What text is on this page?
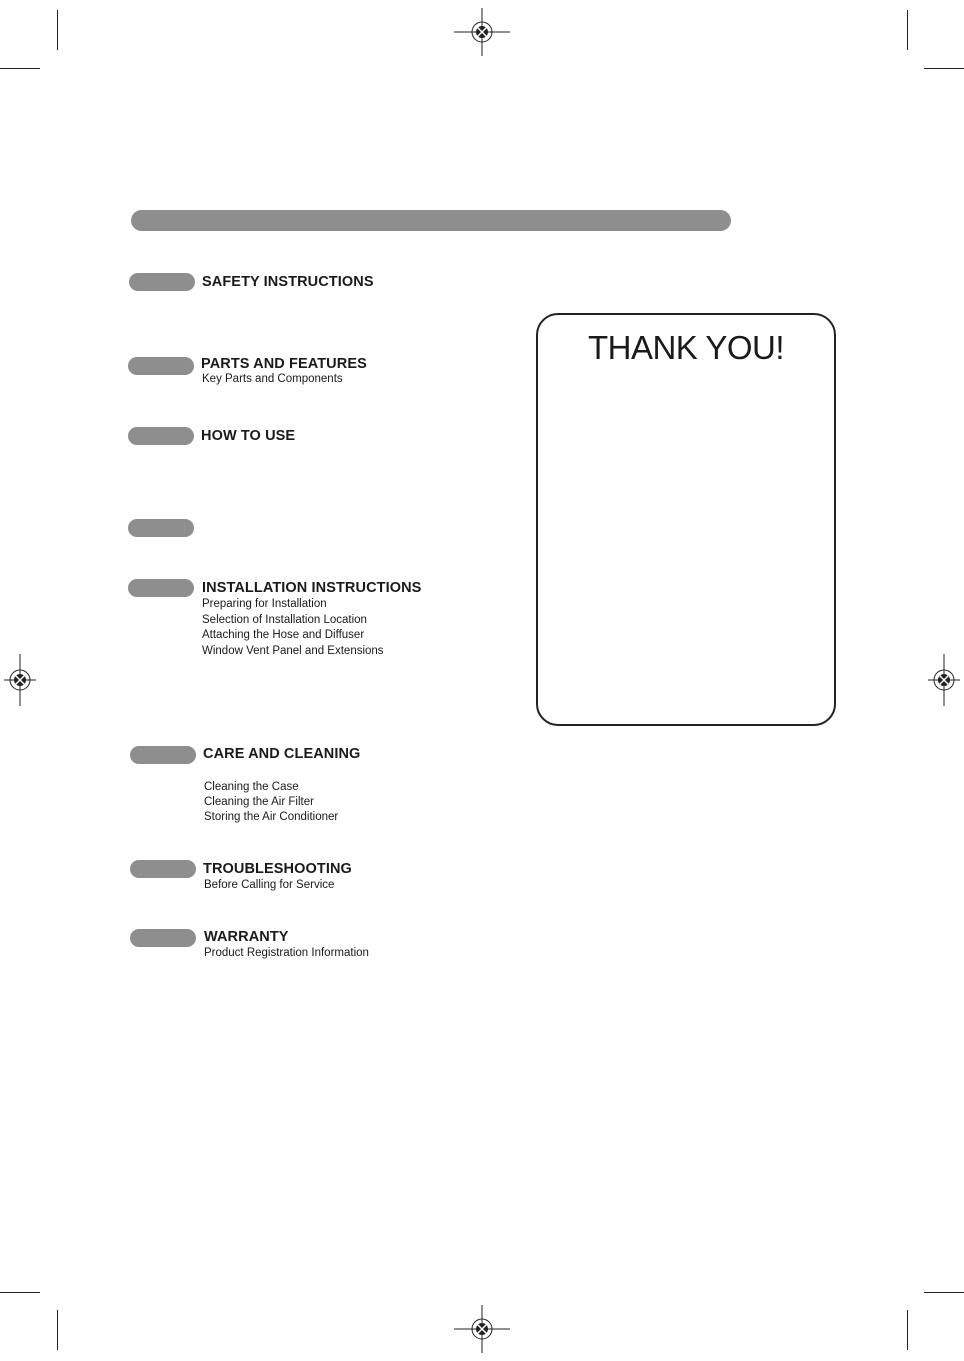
SAFETY INSTRUCTIONS
PARTS AND FEATURES
Key Parts and Components
HOW TO USE
INSTALLATION INSTRUCTIONS
Preparing for Installation
Selection of Installation Location
Attaching the Hose and Diffuser
Window Vent Panel and Extensions
CARE AND CLEANING
Cleaning the Case
Cleaning the Air Filter
Storing the Air Conditioner
TROUBLESHOOTING
Before Calling for Service
WARRANTY
Product Registration Information
THANK YOU!
